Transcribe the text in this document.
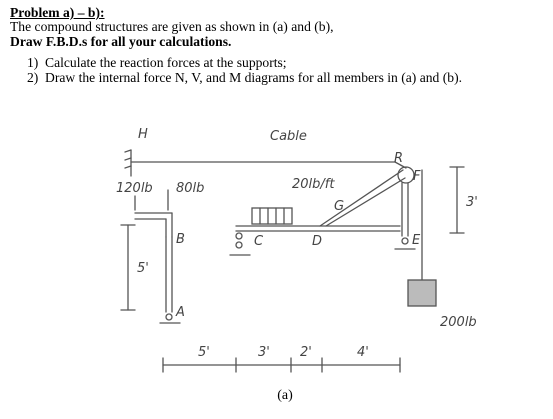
Problem a) – b):
The compound structures are given as shown in (a) and (b),
Draw F.B.D.s for all your calculations.
1) Calculate the reaction forces at the supports;
2) Draw the internal force N, V, and M diagrams for all members in (a) and (b).
H	Cable
20lb/ft
G
R
F
E
C	D
B
A
120lb 80lb
200lb
5'
3'
5'	3' 2'	4'
(a)
